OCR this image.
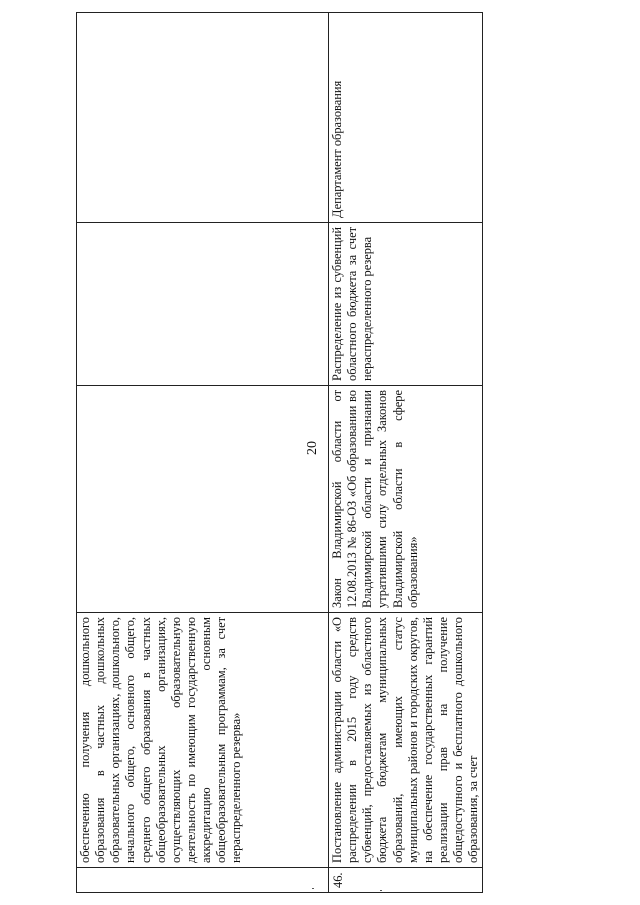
20

	обеспечению получения дошкольного образования в частных дошкольных образовательных организациях, дошкольного, начального общего, основного общего, среднего общего образования в частных общеобразовательных организациях, осуществляющих образовательную деятельность по имеющим государственную аккредитацию основным общеобразовательным программам, за счет нераспределенного резерва»			

46.	Постановление администрации области «О распределении в 2015 году средств субвенций, предоставляемых из областного бюджета бюджетам муниципальных образований, имеющих статус муниципальных районов и городских округов, на обеспечение государственных гарантий реализации прав на получение общедоступного и бесплатного дошкольного образования, за счет	Закон Владимирской области от 12.08.2013 № 86-ОЗ «Об образовании во Владимирской области и признании утратившими силу отдельных Законов Владимирской области в сфере образования»	Распределение из субвенций областного бюджета за счет нераспределенного резерва	Департамент образования
